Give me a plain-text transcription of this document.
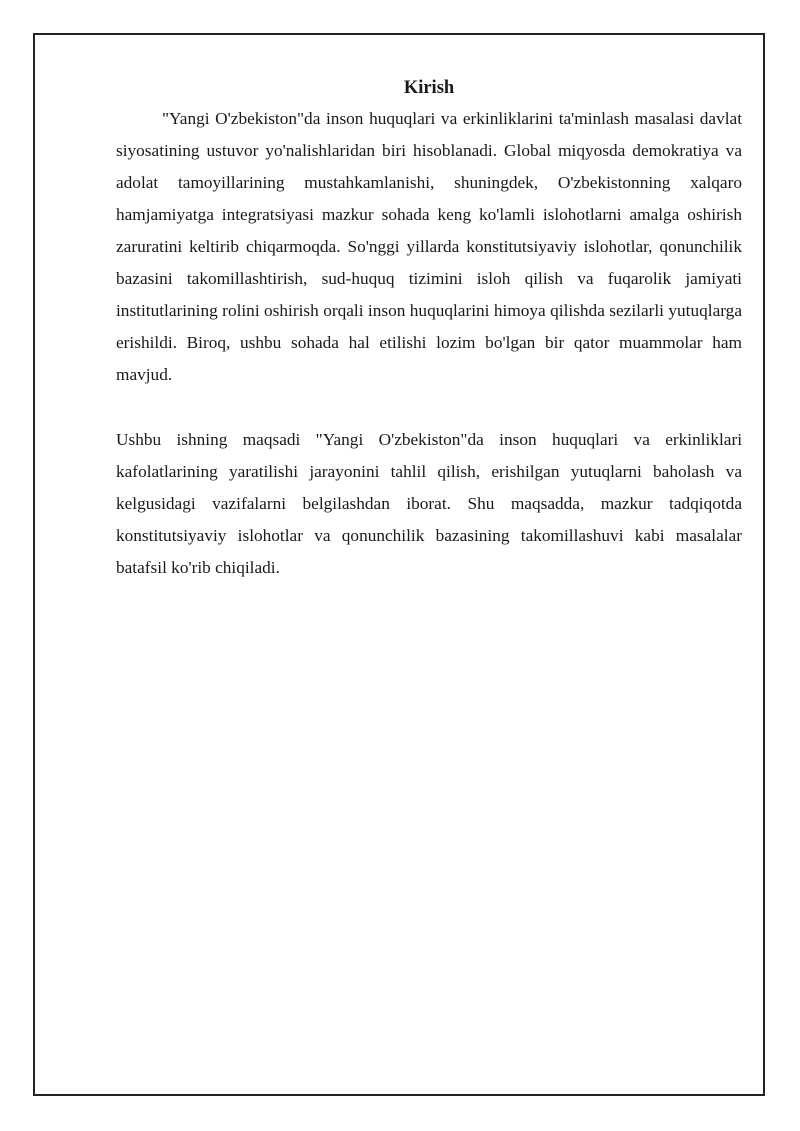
Kirish

"Yangi O'zbekiston"da inson huquqlari va erkinliklarini ta'minlash masalasi davlat siyosatining ustuvor yo'nalishlaridan biri hisoblanadi. Global miqyosda demokratiya va adolat tamoyillarining mustahkamlanishi, shuningdek, O'zbekistonning xalqaro hamjamiyatga integratsiyasi mazkur sohada keng ko'lamli islohotlarni amalga oshirish zaruratini keltirib chiqarmoqda. So'nggi yillarda konstitutsiyaviy islohotlar, qonunchilik bazasini takomillashtirish, sud-huquq tizimini isloh qilish va fuqarolik jamiyati institutlarining rolini oshirish orqali inson huquqlarini himoya qilishda sezilarli yutuqlarga erishildi. Biroq, ushbu sohada hal etilishi lozim bo'lgan bir qator muammolar ham mavjud.

Ushbu ishning maqsadi "Yangi O'zbekiston"da inson huquqlari va erkinliklari kafolatlarining yaratilishi jarayonini tahlil qilish, erishilgan yutuqlarni baholash va kelgusidagi vazifalarni belgilashdan iborat. Shu maqsadda, mazkur tadqiqotda konstitutsiyaviy islohotlar va qonunchilik bazasining takomillashuvi kabi masalalar batafsil ko'rib chiqiladi.
